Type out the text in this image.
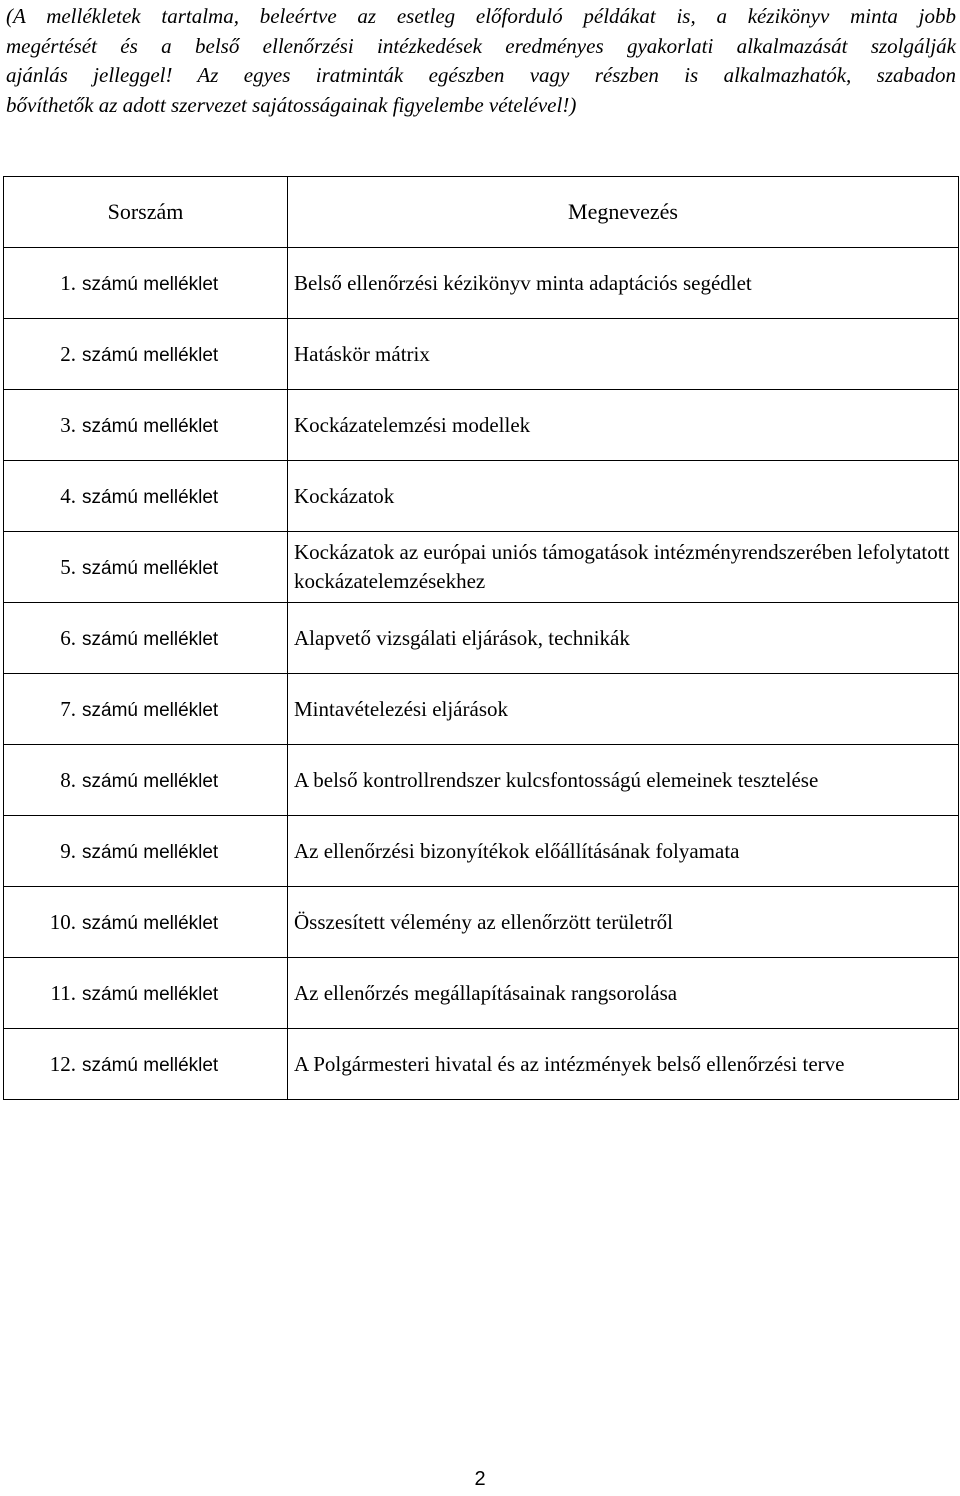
(A mellékletek tartalma, beleértve az esetleg előforduló példákat is, a kézikönyv minta jobb
megértését és a belső ellenőrzési intézkedések eredményes gyakorlati alkalmazását szolgálják
ajánlás jelleggel! Az egyes iratminták egészben vagy részben is alkalmazhatók, szabadon
bővíthetők az adott szervezet sajátosságainak figyelembe vételével!)

Sorszám	Megnevezés
1. számú melléklet	Belső ellenőrzési kézikönyv minta adaptációs segédlet
2. számú melléklet	Hatáskör mátrix
3. számú melléklet	Kockázatelemzési modellek
4. számú melléklet	Kockázatok
5. számú melléklet	Kockázatok az európai uniós támogatások intézményrendszerében lefolytatott kockázatelemzésekhez
6. számú melléklet	Alapvető vizsgálati eljárások, technikák
7. számú melléklet	Mintavételezési eljárások
8. számú melléklet	A belső kontrollrendszer kulcsfontosságú elemeinek tesztelése
9. számú melléklet	Az ellenőrzési bizonyítékok előállításának folyamata
10. számú melléklet	Összesített vélemény az ellenőrzött területről
11. számú melléklet	Az ellenőrzés megállapításainak rangsorolása
12. számú melléklet	A Polgármesteri hivatal és az intézmények belső ellenőrzési terve
2
